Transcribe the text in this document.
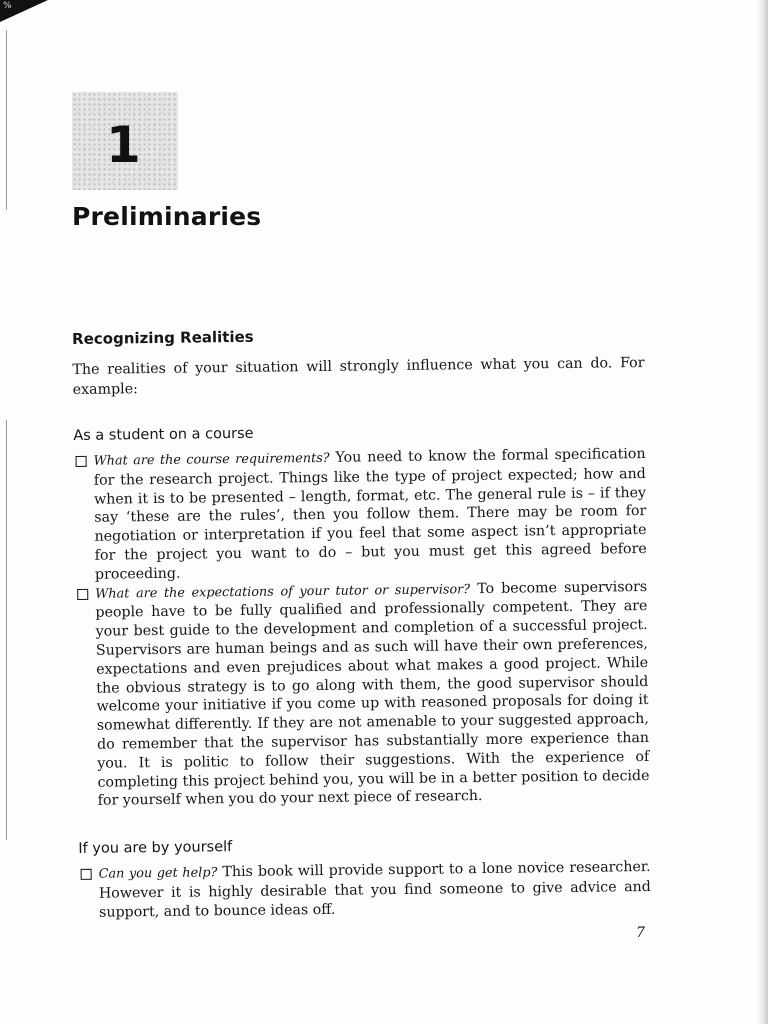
%
1
Preliminaries
Recognizing Realities

The realities of your situation will strongly influence what you can do. For example:

As a student on a course
What are the course requirements? You need to know the formal specification for the research project. Things like the type of project expected; how and when it is to be presented – length, format, etc. The general rule is – if they say ‘these are the rules’, then you follow them. There may be room for negotiation or interpretation if you feel that some aspect isn’t appropriate for the project you want to do – but you must get this agreed before proceeding.
What are the expectations of your tutor or supervisor? To become supervisors people have to be fully qualified and professionally competent. They are your best guide to the development and completion of a successful project. Supervisors are human beings and as such will have their own preferences, expectations and even prejudices about what makes a good project. While the obvious strategy is to go along with them, the good supervisor should welcome your initiative if you come up with reasoned proposals for doing it somewhat differently. If they are not amenable to your suggested approach, do remember that the supervisor has substantially more experience than you. It is politic to follow their suggestions. With the experience of completing this project behind you, you will be in a better position to decide for yourself when you do your next piece of research.
If you are by yourself
Can you get help? This book will provide support to a lone novice researcher. However it is highly desirable that you find someone to give advice and support, and to bounce ideas off.
7
